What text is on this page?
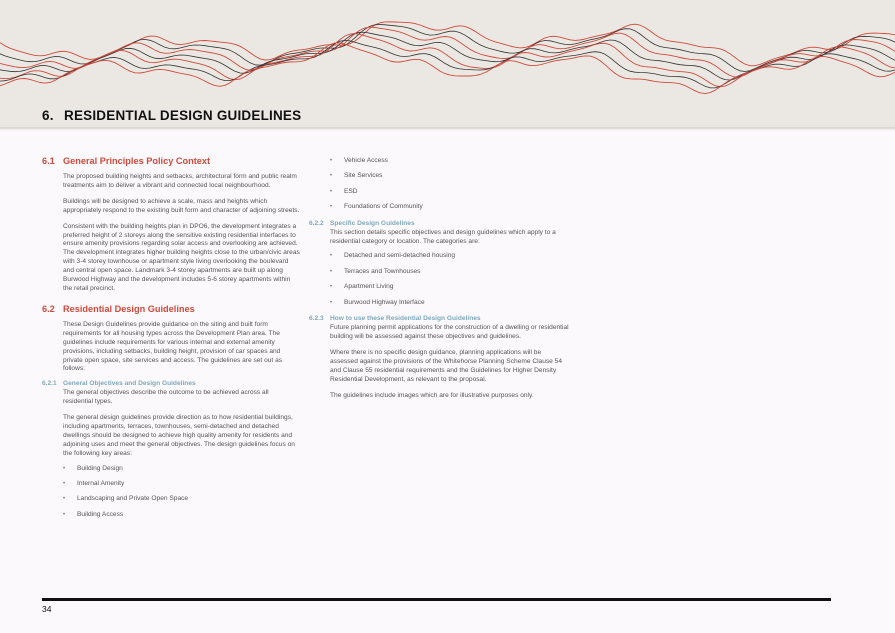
6. RESIDENTIAL DESIGN GUIDELINES
6.1 General Principles Policy Context

The proposed building heights and setbacks, architectural form and public realm treatments aim to deliver a vibrant and connected local neighbourhood.

Buildings will be designed to achieve a scale, mass and heights which appropriately respond to the existing built form and character of adjoining streets.

Consistent with the building heights plan in DPO6, the development integrates a preferred height of 2 storeys along the sensitive existing residential interfaces to ensure amenity provisions regarding solar access and overlooking are achieved. The development integrates higher building heights close to the urban/civic areas with 3-4 storey townhouse or apartment style living overlooking the boulevard and central open space. Landmark 3-4 storey apartments are built up along Burwood Highway and the development includes 5-6 storey apartments within the retail precinct.

6.2 Residential Design Guidelines

These Design Guidelines provide guidance on the siting and built form requirements for all housing types across the Development Plan area. The guidelines include requirements for various internal and external amenity provisions, including setbacks, building height, provision of car spaces and private open space, site services and access. The guidelines are set out as follows:

6.2.1 General Objectives and Design Guidelines

The general objectives describe the outcome to be achieved across all residential types.

The general design guidelines provide direction as to how residential buildings, including apartments, terraces, townhouses, semi-detached and detached dwellings should be designed to achieve high quality amenity for residents and adjoining uses and meet the general objectives. The design guidelines focus on the following key areas:

• Building Design
• Internal Amenity
• Landscaping and Private Open Space
• Building Access
• Vehicle Access
• Site Services
• ESD
• Foundations of Community
6.2.2 Specific Design Guidelines

This section details specific objectives and design guidelines which apply to a residential category or location. The categories are:

• Detached and semi-detached housing
• Terraces and Townhouses
• Apartment Living
• Burwood Highway Interface
6.2.3 How to use these Residential Design Guidelines

Future planning permit applications for the construction of a dwelling or residential building will be assessed against these objectives and guidelines.

Where there is no specific design guidance, planning applications will be assessed against the provisions of the Whitehorse Planning Scheme Clause 54 and Clause 55 residential requirements and the Guidelines for Higher Density Residential Development, as relevant to the proposal.

The guidelines include images which are for illustrative purposes only.

34
